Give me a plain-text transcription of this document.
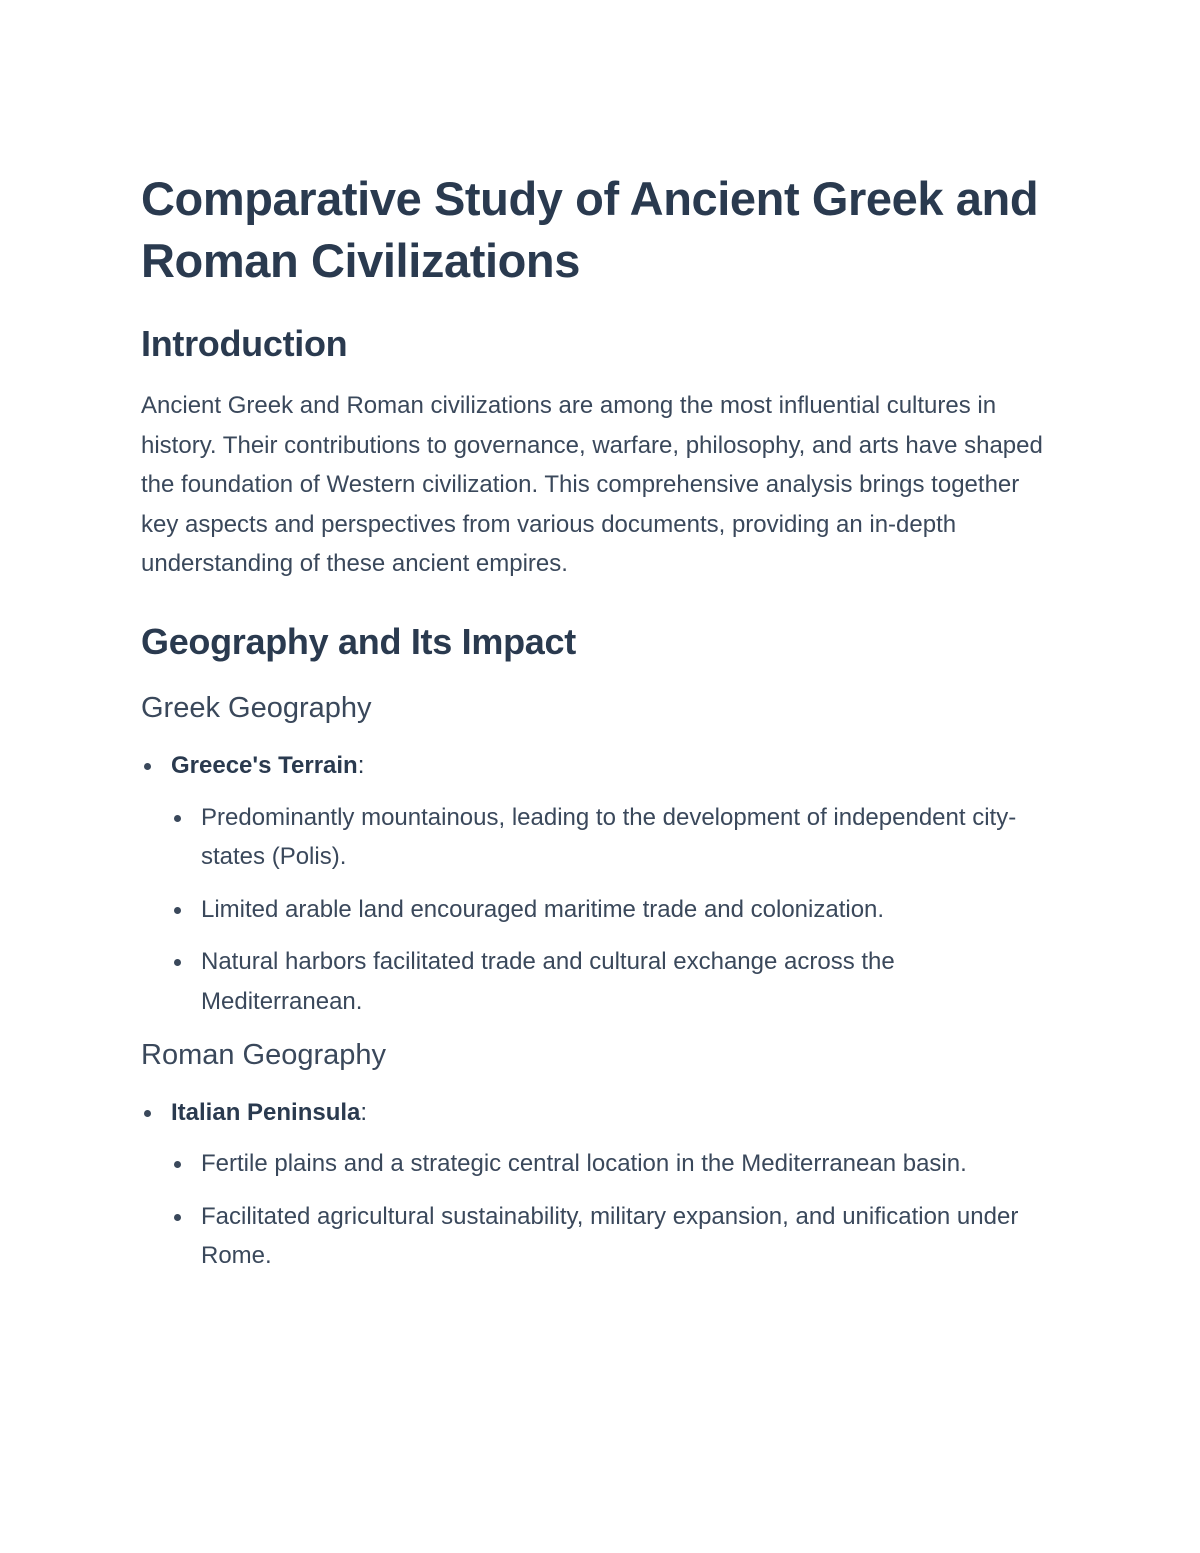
Comparative Study of Ancient Greek and Roman Civilizations
Introduction

Ancient Greek and Roman civilizations are among the most influential cultures in history. Their contributions to governance, warfare, philosophy, and arts have shaped the foundation of Western civilization. This comprehensive analysis brings together key aspects and perspectives from various documents, providing an in-depth understanding of these ancient empires.

Geography and Its Impact
Greek Geography
Greece's Terrain:
Predominantly mountainous, leading to the development of independent city-states (Polis).
Limited arable land encouraged maritime trade and colonization.
Natural harbors facilitated trade and cultural exchange across the Mediterranean.
Roman Geography
Italian Peninsula:
Fertile plains and a strategic central location in the Mediterranean basin.
Facilitated agricultural sustainability, military expansion, and unification under Rome.
